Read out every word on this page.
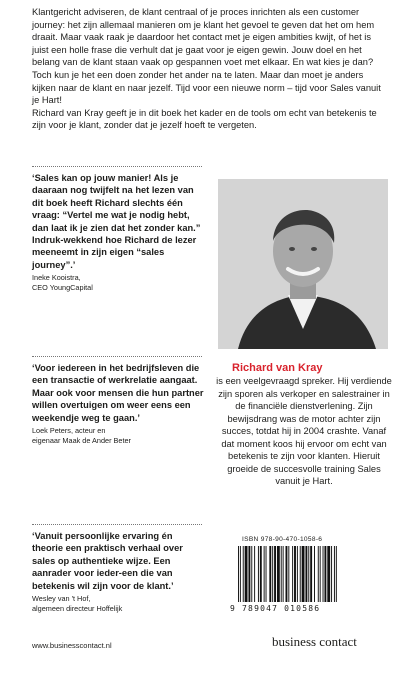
Klantgericht adviseren, de klant centraal of je proces inrichten als een customer journey: het zijn allemaal manieren om je klant het gevoel te geven dat het om hem draait. Maar vaak raak je daardoor het contact met je eigen ambities kwijt, of het is juist een holle frase die verhult dat je gaat voor je eigen gewin. Jouw doel en het belang van de klant staan vaak op gespannen voet met elkaar. En wat kies je dan?

Toch kun je het een doen zonder het ander na te laten. Maar dan moet je anders kijken naar de klant en naar jezelf. Tijd voor een nieuwe norm – tijd voor Sales vanuit je Hart!

Richard van Kray geeft je in dit boek het kader en de tools om echt van betekenis te zijn voor je klant, zonder dat je jezelf hoeft te vergeten.

‘Sales kan op jouw manier! Als je daaraan nog twijfelt na het lezen van dit boek heeft Richard slechts één vraag: “Vertel me wat je nodig hebt, dan laat ik je zien dat het zonder kan.” Indruk-wekkend hoe Richard de lezer meeneemt in zijn eigen “sales journey”.’
Ineke Kooistra,
CEO YoungCapital
‘Voor iedereen in het bedrijfsleven die een transactie of werkrelatie aangaat. Maar ook voor mensen die hun partner willen overtuigen om weer eens een weekendje weg te gaan.’
Loek Peters, acteur en
eigenaar Maak de Ander Beter
‘Vanuit persoonlijke ervaring én theorie een praktisch verhaal over sales op authentieke wijze. Een aanrader voor ieder-een die van betekenis wil zijn voor de klant.’
Wesley van 't Hof,
algemeen directeur Hoffelijk
Richard van Kray

is een veelgevraagd spreker. Hij verdiende zijn sporen als verkoper en salestrainer in de financiële dienstverlening. Zijn bewijsdrang was de motor achter zijn succes, totdat hij in 2004 crashte. Vanaf dat moment koos hij ervoor om echt van betekenis te zijn voor klanten. Hieruit groeide de succesvolle training Sales vanuit je Hart.

ISBN 978-90-470-1058-6
9 789047 010586
www.businesscontact.nl	business contact
